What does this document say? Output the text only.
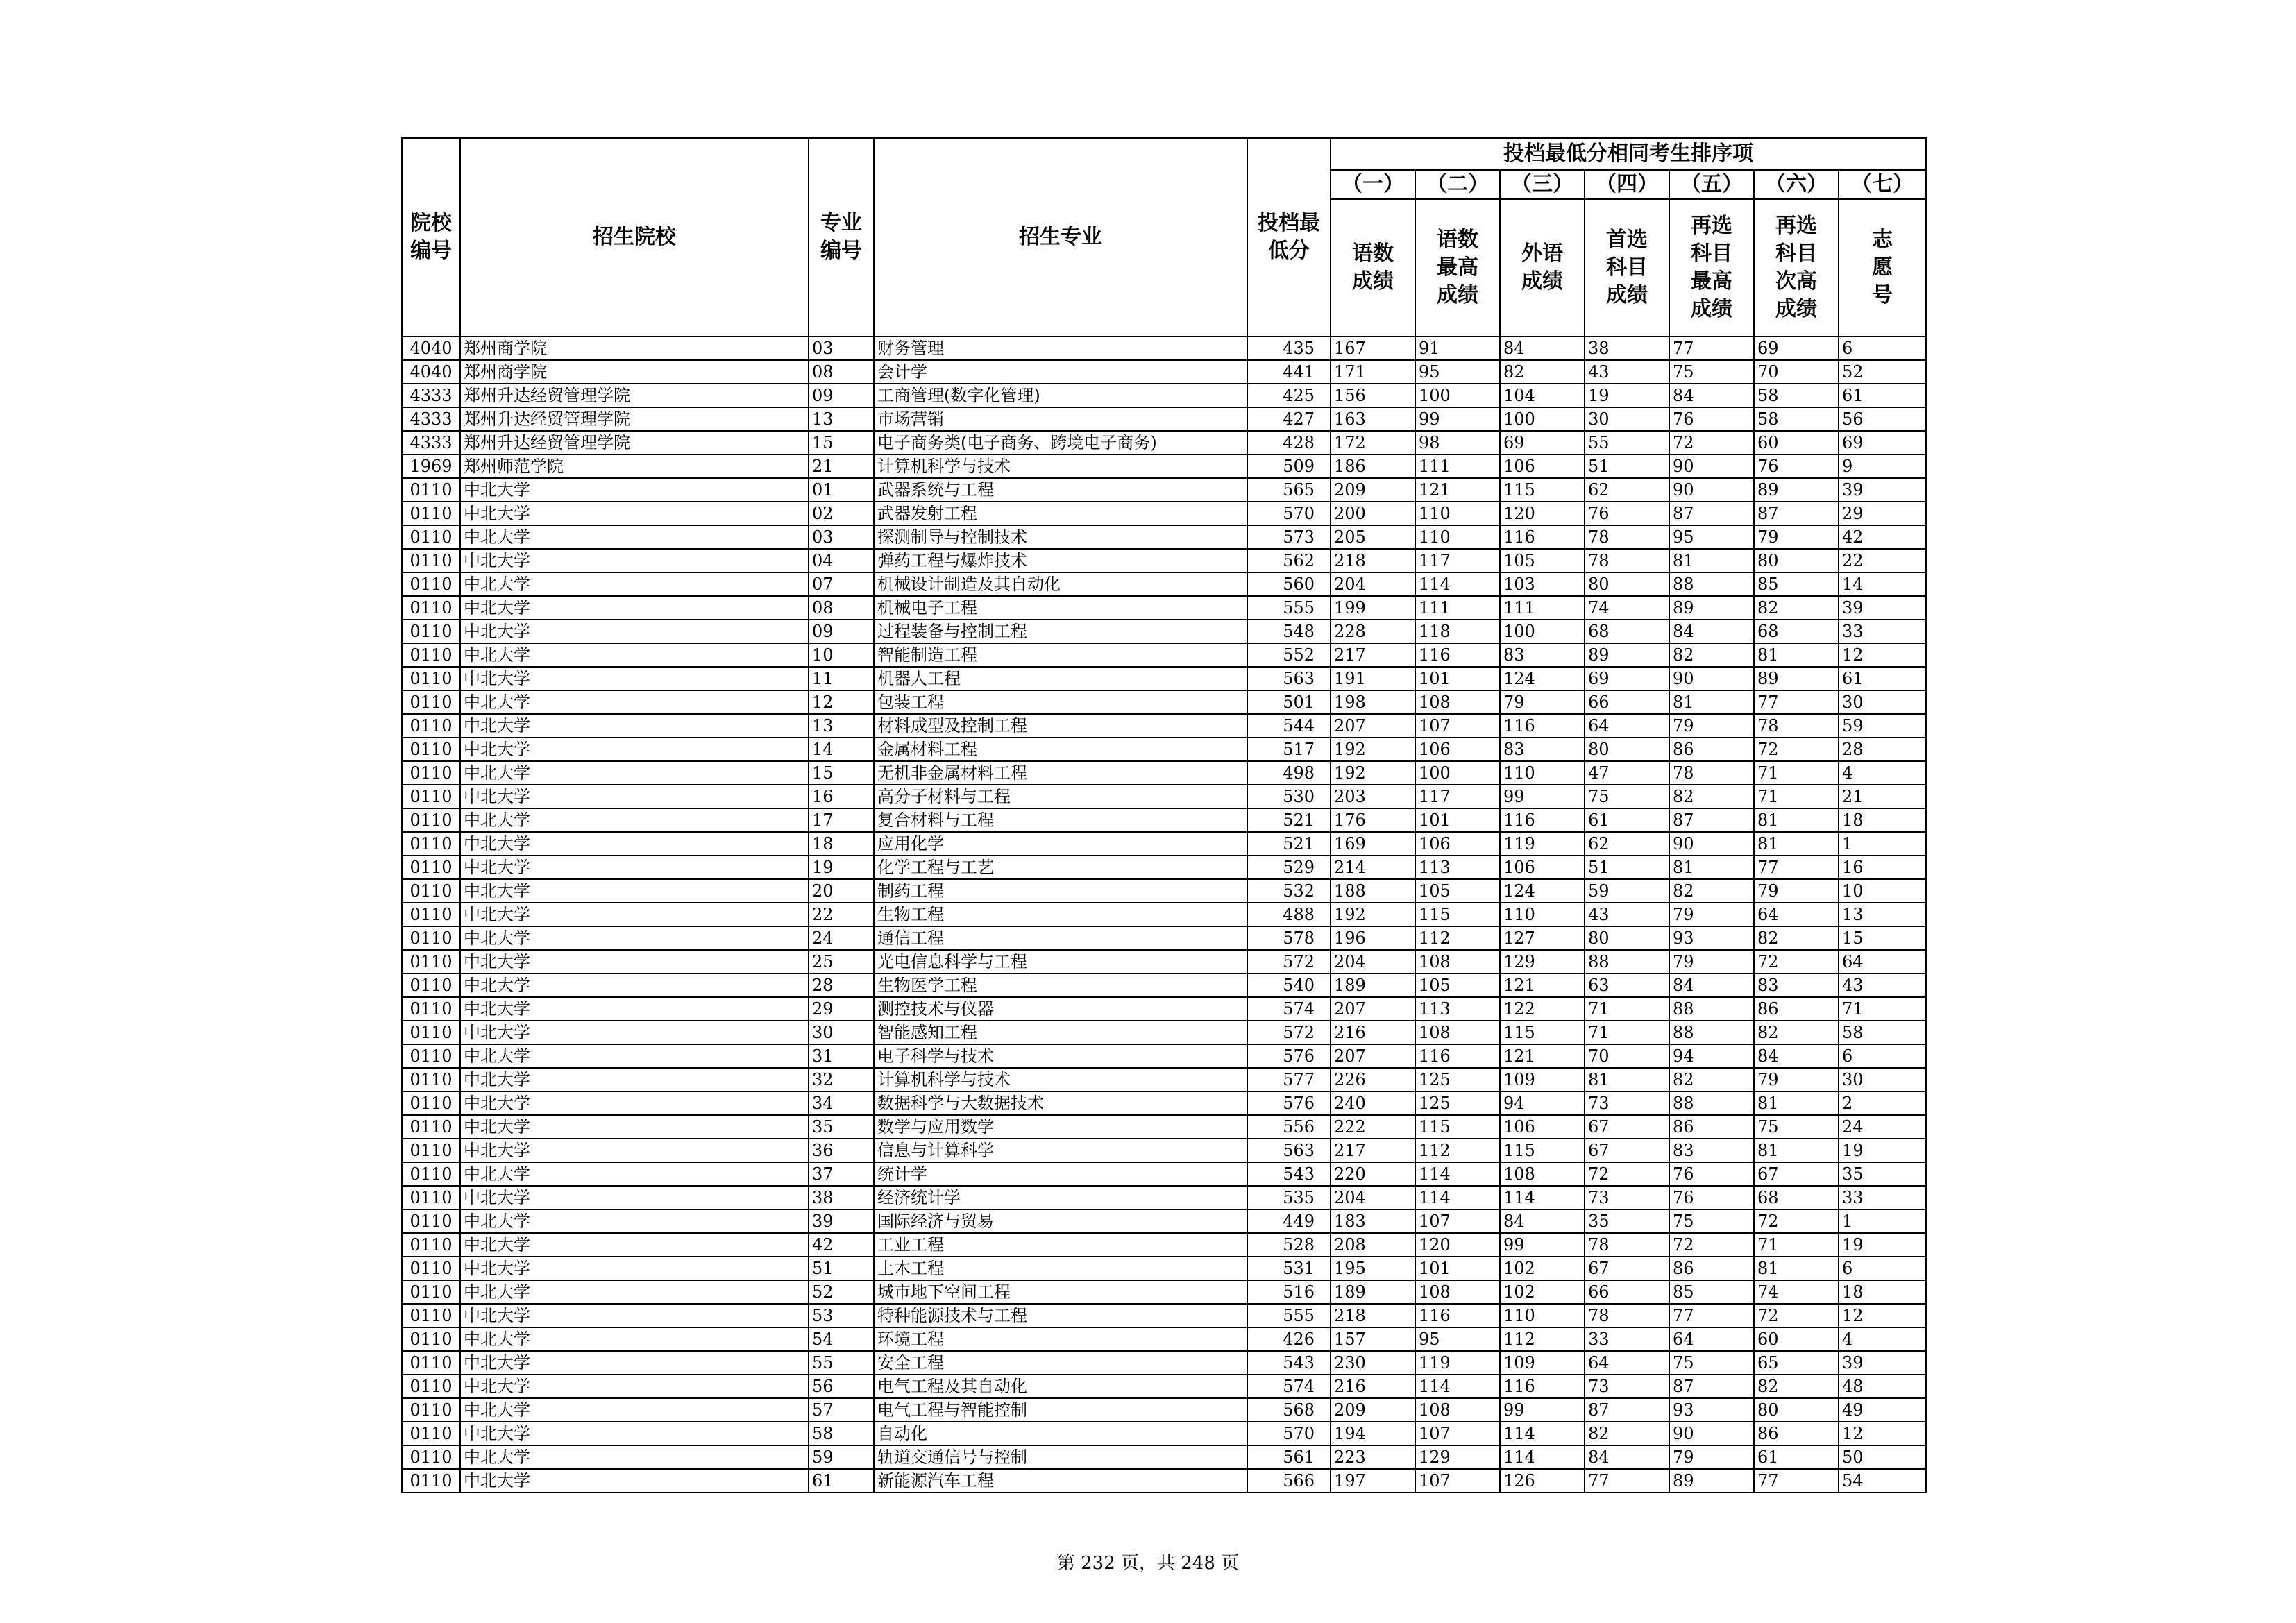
院校编号	招生院校	专业编号	招生专业	投档最低分	投档最低分相同考生排序项						
					（一）	（二）	（三）	（四）	（五）	（六）	（七）
					语数成绩	语数最高成绩	外语成绩	首选科目成绩	再选科目最高成绩	再选科目次高成绩	志愿号
4040	郑州商学院	03	财务管理	435	167	91	84	38	77	69	6
4040	郑州商学院	08	会计学	441	171	95	82	43	75	70	52
4333	郑州升达经贸管理学院	09	工商管理(数字化管理)	425	156	100	104	19	84	58	61
4333	郑州升达经贸管理学院	13	市场营销	427	163	99	100	30	76	58	56
4333	郑州升达经贸管理学院	15	电子商务类(电子商务、跨境电子商务)	428	172	98	69	55	72	60	69
1969	郑州师范学院	21	计算机科学与技术	509	186	111	106	51	90	76	9
0110	中北大学	01	武器系统与工程	565	209	121	115	62	90	89	39
0110	中北大学	02	武器发射工程	570	200	110	120	76	87	87	29
0110	中北大学	03	探测制导与控制技术	573	205	110	116	78	95	79	42
0110	中北大学	04	弹药工程与爆炸技术	562	218	117	105	78	81	80	22
0110	中北大学	07	机械设计制造及其自动化	560	204	114	103	80	88	85	14
0110	中北大学	08	机械电子工程	555	199	111	111	74	89	82	39
0110	中北大学	09	过程装备与控制工程	548	228	118	100	68	84	68	33
0110	中北大学	10	智能制造工程	552	217	116	83	89	82	81	12
0110	中北大学	11	机器人工程	563	191	101	124	69	90	89	61
0110	中北大学	12	包装工程	501	198	108	79	66	81	77	30
0110	中北大学	13	材料成型及控制工程	544	207	107	116	64	79	78	59
0110	中北大学	14	金属材料工程	517	192	106	83	80	86	72	28
0110	中北大学	15	无机非金属材料工程	498	192	100	110	47	78	71	4
0110	中北大学	16	高分子材料与工程	530	203	117	99	75	82	71	21
0110	中北大学	17	复合材料与工程	521	176	101	116	61	87	81	18
0110	中北大学	18	应用化学	521	169	106	119	62	90	81	1
0110	中北大学	19	化学工程与工艺	529	214	113	106	51	81	77	16
0110	中北大学	20	制药工程	532	188	105	124	59	82	79	10
0110	中北大学	22	生物工程	488	192	115	110	43	79	64	13
0110	中北大学	24	通信工程	578	196	112	127	80	93	82	15
0110	中北大学	25	光电信息科学与工程	572	204	108	129	88	79	72	64
0110	中北大学	28	生物医学工程	540	189	105	121	63	84	83	43
0110	中北大学	29	测控技术与仪器	574	207	113	122	71	88	86	71
0110	中北大学	30	智能感知工程	572	216	108	115	71	88	82	58
0110	中北大学	31	电子科学与技术	576	207	116	121	70	94	84	6
0110	中北大学	32	计算机科学与技术	577	226	125	109	81	82	79	30
0110	中北大学	34	数据科学与大数据技术	576	240	125	94	73	88	81	2
0110	中北大学	35	数学与应用数学	556	222	115	106	67	86	75	24
0110	中北大学	36	信息与计算科学	563	217	112	115	67	83	81	19
0110	中北大学	37	统计学	543	220	114	108	72	76	67	35
0110	中北大学	38	经济统计学	535	204	114	114	73	76	68	33
0110	中北大学	39	国际经济与贸易	449	183	107	84	35	75	72	1
0110	中北大学	42	工业工程	528	208	120	99	78	72	71	19
0110	中北大学	51	土木工程	531	195	101	102	67	86	81	6
0110	中北大学	52	城市地下空间工程	516	189	108	102	66	85	74	18
0110	中北大学	53	特种能源技术与工程	555	218	116	110	78	77	72	12
0110	中北大学	54	环境工程	426	157	95	112	33	64	60	4
0110	中北大学	55	安全工程	543	230	119	109	64	75	65	39
0110	中北大学	56	电气工程及其自动化	574	216	114	116	73	87	82	48
0110	中北大学	57	电气工程与智能控制	568	209	108	99	87	93	80	49
0110	中北大学	58	自动化	570	194	107	114	82	90	86	12
0110	中北大学	59	轨道交通信号与控制	561	223	129	114	84	79	61	50
0110	中北大学	61	新能源汽车工程	566	197	107	126	77	89	77	54
第 232 页，共 248 页
